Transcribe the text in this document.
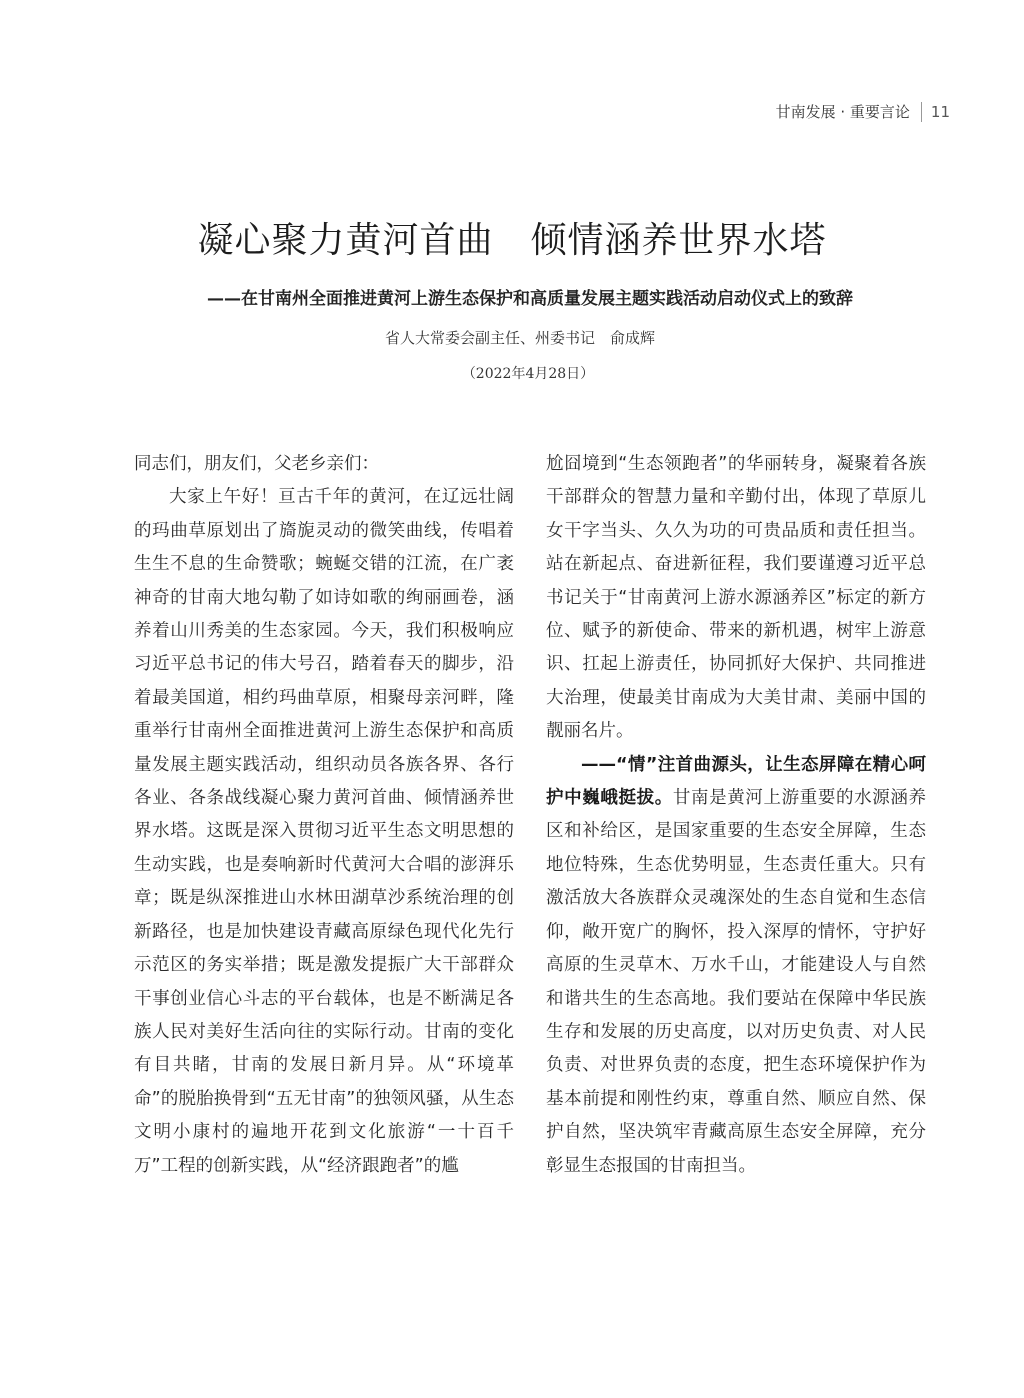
甘南发展 · 重要言论 11
凝心聚力黄河首曲　倾情涵养世界水塔
——在甘南州全面推进黄河上游生态保护和高质量发展主题实践活动启动仪式上的致辞
省人大常委会副主任、州委书记　俞成辉
（2022年4月28日）

同志们，朋友们，父老乡亲们：

大家上午好！亘古千年的黄河，在辽远壮阔的玛曲草原划出了旖旎灵动的微笑曲线，传唱着生生不息的生命赞歌；蜿蜒交错的江流，在广袤神奇的甘南大地勾勒了如诗如歌的绚丽画卷，涵养着山川秀美的生态家园。今天，我们积极响应习近平总书记的伟大号召，踏着春天的脚步，沿着最美国道，相约玛曲草原，相聚母亲河畔，隆重举行甘南州全面推进黄河上游生态保护和高质量发展主题实践活动，组织动员各族各界、各行各业、各条战线凝心聚力黄河首曲、倾情涵养世界水塔。这既是深入贯彻习近平生态文明思想的生动实践，也是奏响新时代黄河大合唱的澎湃乐章；既是纵深推进山水林田湖草沙系统治理的创新路径，也是加快建设青藏高原绿色现代化先行示范区的务实举措；既是激发提振广大干部群众干事创业信心斗志的平台载体，也是不断满足各族人民对美好生活向往的实际行动。甘南的变化有目共睹，甘南的发展日新月异。从“环境革命”的脱胎换骨到“五无甘南”的独领风骚，从生态文明小康村的遍地开花到文化旅游“一十百千万”工程的创新实践，从“经济跟跑者”的尴

尬囧境到“生态领跑者”的华丽转身，凝聚着各族干部群众的智慧力量和辛勤付出，体现了草原儿女干字当头、久久为功的可贵品质和责任担当。站在新起点、奋进新征程，我们要谨遵习近平总书记关于“甘南黄河上游水源涵养区”标定的新方位、赋予的新使命、带来的新机遇，树牢上游意识、扛起上游责任，协同抓好大保护、共同推进大治理，使最美甘南成为大美甘肃、美丽中国的靓丽名片。

——“情”注首曲源头，让生态屏障在精心呵护中巍峨挺拔。甘南是黄河上游重要的水源涵养区和补给区，是国家重要的生态安全屏障，生态地位特殊，生态优势明显，生态责任重大。只有激活放大各族群众灵魂深处的生态自觉和生态信仰，敞开宽广的胸怀，投入深厚的情怀，守护好高原的生灵草木、万水千山，才能建设人与自然和谐共生的生态高地。我们要站在保障中华民族生存和发展的历史高度，以对历史负责、对人民负责、对世界负责的态度，把生态环境保护作为基本前提和刚性约束，尊重自然、顺应自然、保护自然，坚决筑牢青藏高原生态安全屏障，充分彰显生态报国的甘南担当。
